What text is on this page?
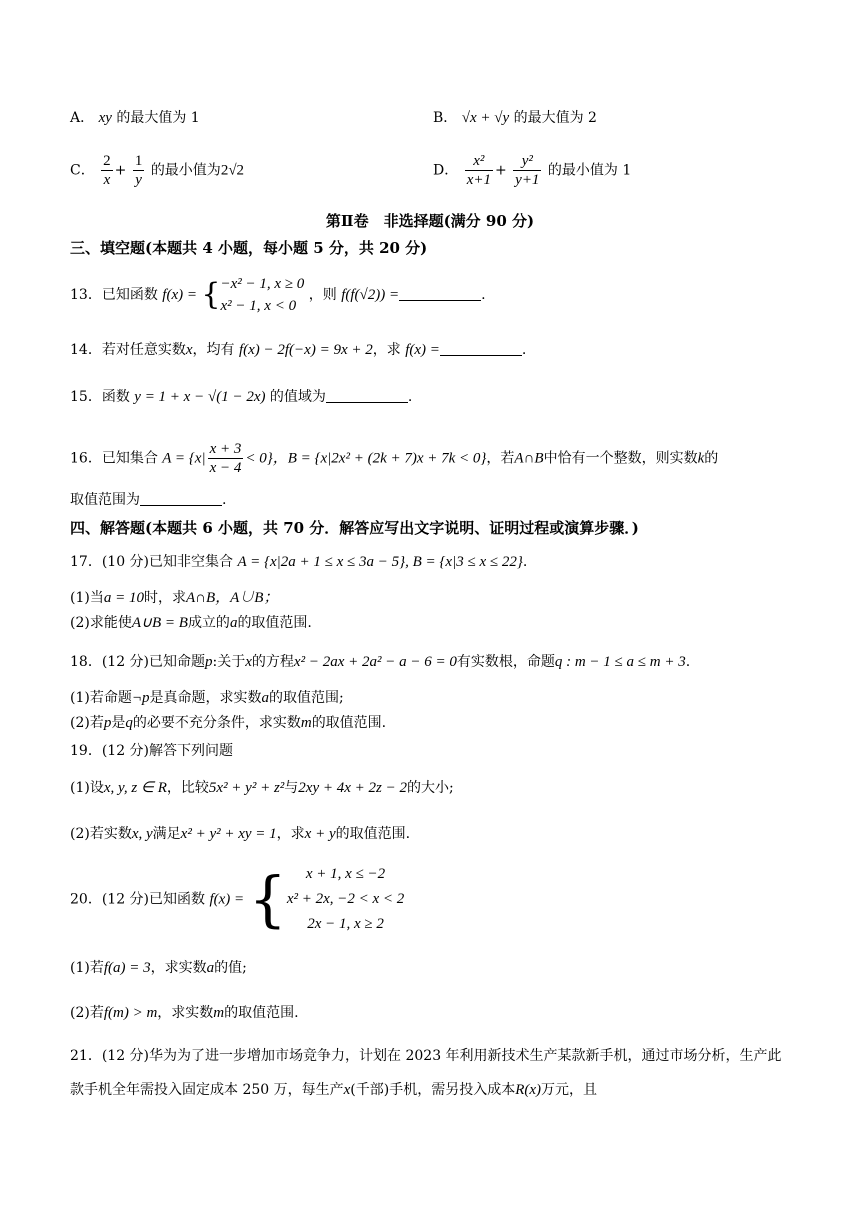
A． xy 的最大值为 1	B． √x + √y 的最大值为 2
C． $\frac{2}{x} + \frac{1}{y}$ 的最小值为2√2	D． $\frac{\text{x²}}{x+1} + \frac{\text{y²}}{y+1}$ 的最小值为 1
第Ⅱ卷　非选择题(满分 90 分)
三、填空题(本题共 4 小题，每小题 5 分，共 20 分)
13．已知函数 f(x) = {−x² − 1, x ≥ 0
x² − 1, x < 0 ，则 f(f(√2)) =	.
14．若对任意实数x，均有 f(x) − 2f(−x) = 9x + 2，求 f(x) =	.
15．函数 y = 1 + x − √(1 − 2x) 的值域为	.
16．已知集合 $A = \{x| \frac{x + 3}{x - 4} < 0\}$，B = {x|2x² + (2k + 7)x + 7k < 0}，若A∩B中恰有一个整数，则实数k的
取值范围为	.
四、解答题(本题共 6 小题，共 70 分．解答应写出文字说明、证明过程或演算步骤．)
17．(10 分)已知非空集合 A = {x|2a + 1 ≤ x ≤ 3a − 5}, B = {x|3 ≤ x ≤ 22}.
(1)当a = 10时，求A∩B，A∪B；
(2)求能使A∪B = B成立的a的取值范围.
18．(12 分)已知命题p:关于x的方程x² − 2ax + 2a² − a − 6 = 0有实数根，命题q : m − 1 ≤ a ≤ m + 3.
(1)若命题¬p是真命题，求实数a的取值范围;
(2)若p是q的必要不充分条件，求实数m的取值范围.
19．(12 分)解答下列问题
(1)设x, y, z ∈ R，比较5x² + y² + z²与2xy + 4x + 2z − 2的大小;
(2)若实数x, y满足x² + y² + xy = 1，求x + y的取值范围.
20．(12 分)已知函数 f(x) = { x + 1, x ≤ −2
x² + 2x, −2 < x < 2
2x − 1, x ≥ 2
(1)若f(a) = 3，求实数a的值;
(2)若f(m) > m，求实数m的取值范围.
21．(12 分)华为为了进一步增加市场竞争力，计划在 2023 年利用新技术生产某款新手机，通过市场分析，生产此款手机全年需投入固定成本 250 万，每生产x(千部)手机，需另投入成本R(x)万元，且
